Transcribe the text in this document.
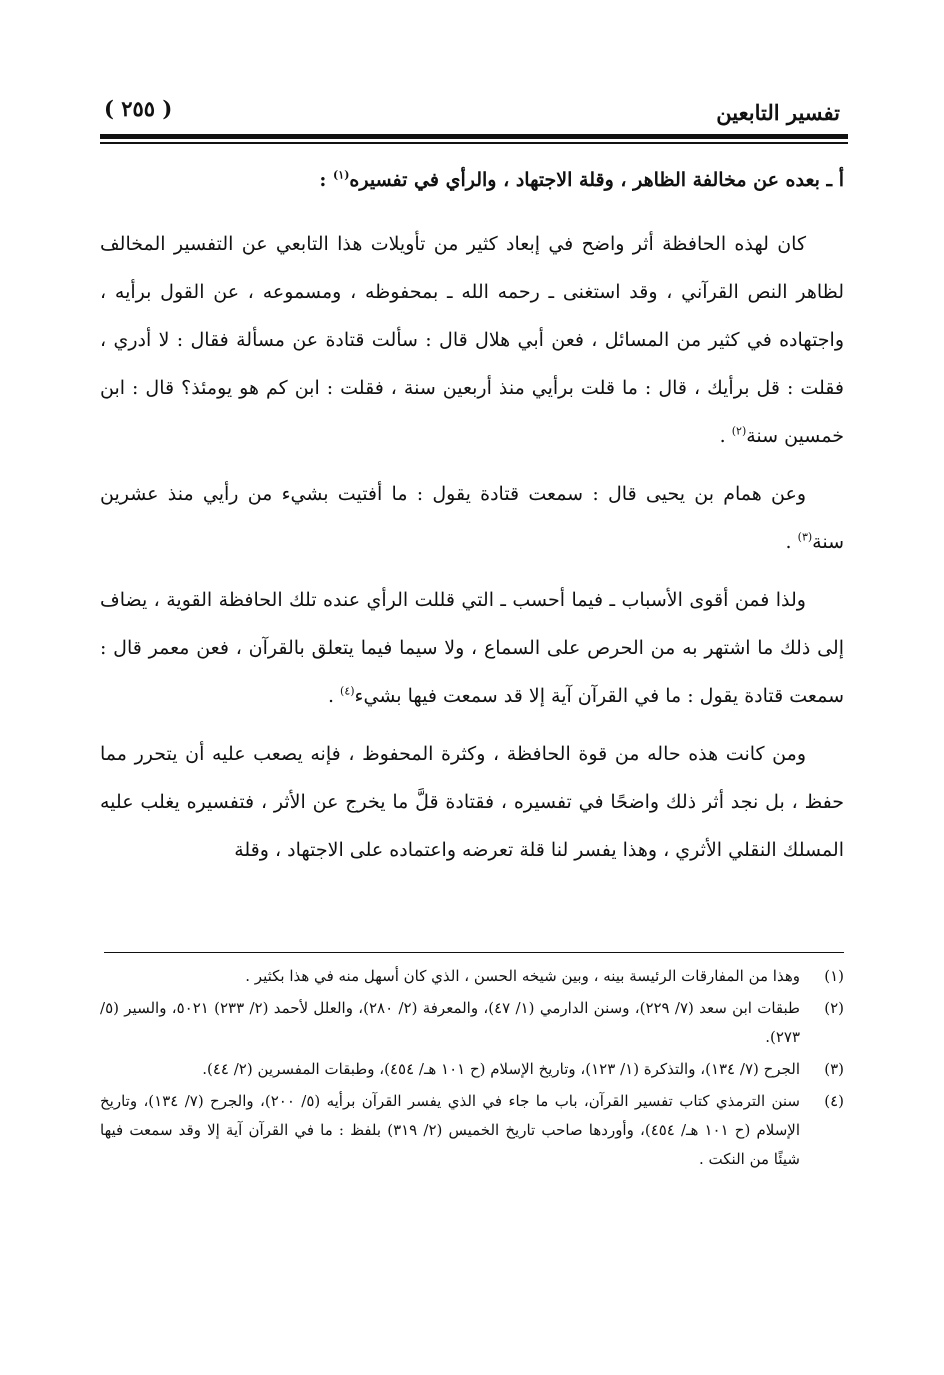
تفسير التابعين
( ٢٥٥ )
أ ـ بعده عن مخالفة الظاهر ، وقلة الاجتهاد ، والرأي في تفسيره$^{(١)}$ :

كان لهذه الحافظة أثر واضح في إبعاد كثير من تأويلات هذا التابعي عن التفسير المخالف لظاهر النص القرآني ، وقد استغنى ـ رحمه الله ـ بمحفوظه ، ومسموعه ، عن القول برأيه ، واجتهاده في كثير من المسائل ، فعن أبي هلال قال : سألت قتادة عن مسألة فقال : لا أدري ، فقلت : قل برأيك ، قال : ما قلت برأيي منذ أربعين سنة ، فقلت : ابن كم هو يومئذ؟ قال : ابن خمسين سنة$^{(٢)}$ .

وعن همام بن يحيى قال : سمعت قتادة يقول : ما أفتيت بشيء من رأيي منذ عشرين سنة$^{(٣)}$ .

ولذا فمن أقوى الأسباب ـ فيما أحسب ـ التي قللت الرأي عنده تلك الحافظة القوية ، يضاف إلى ذلك ما اشتهر به من الحرص على السماع ، ولا سيما فيما يتعلق بالقرآن ، فعن معمر قال : سمعت قتادة يقول : ما في القرآن آية إلا قد سمعت فيها بشيء$^{(٤)}$ .

ومن كانت هذه حاله من قوة الحافظة ، وكثرة المحفوظ ، فإنه يصعب عليه أن يتحرر مما حفظ ، بل نجد أثر ذلك واضحًا في تفسيره ، فقتادة قلَّ ما يخرج عن الأثر ، فتفسيره يغلب عليه المسلك النقلي الأثري ، وهذا يفسر لنا قلة تعرضه واعتماده على الاجتهاد ، وقلة

(١)
وهذا من المفارقات الرئيسة بينه ، وبين شيخه الحسن ، الذي كان أسهل منه في هذا بكثير .
(٢)
طبقات ابن سعد (٧/ ٢٢٩)، وسنن الدارمي (١/ ٤٧)، والمعرفة (٢/ ٢٨٠)، والعلل لأحمد (٢/ ٢٣٣) ٥٠٢١، والسير (٥/ ٢٧٣).
(٣)
الجرح (٧/ ١٣٤)، والتذكرة (١/ ١٢٣)، وتاريخ الإسلام (ح ١٠١ هـ/ ٤٥٤)، وطبقات المفسرين (٢/ ٤٤).
(٤)
سنن الترمذي كتاب تفسير القرآن، باب ما جاء في الذي يفسر القرآن برأيه (٥/ ٢٠٠)، والجرح (٧/ ١٣٤)، وتاريخ الإسلام (ح ١٠١ هـ/ ٤٥٤)، وأوردها صاحب تاريخ الخميس (٢/ ٣١٩) بلفظ : ما في القرآن آية إلا وقد سمعت فيها شيئًا من النكت .
